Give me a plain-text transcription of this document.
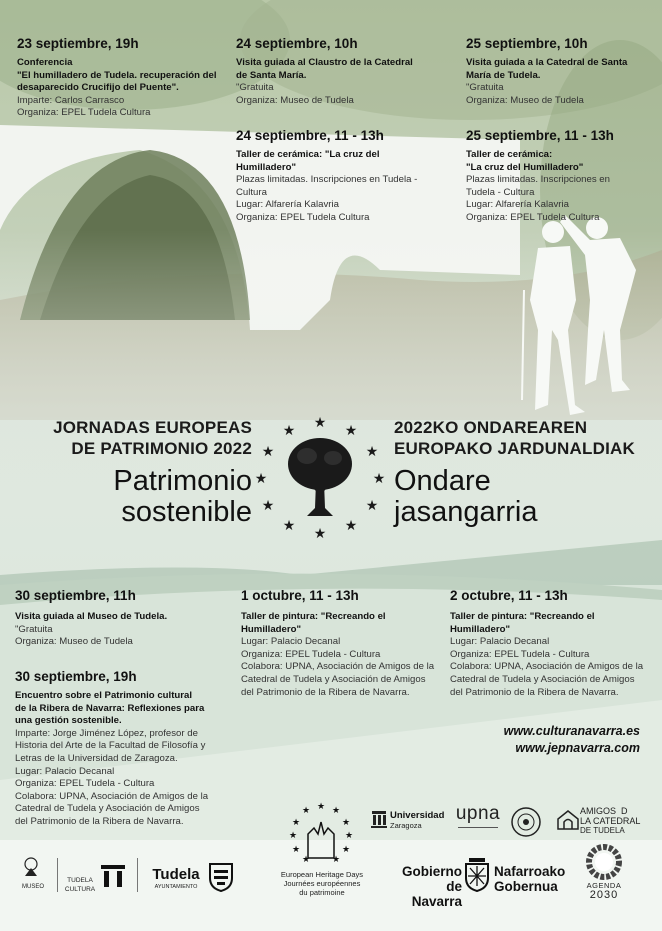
23 septiembre, 19h
Conferencia
"El humilladero de Tudela. recuperación del
desaparecido Crucifijo del Puente".
Imparte: Carlos Carrasco
Organiza: EPEL Tudela Cultura
24 septiembre, 10h
Visita guiada al Claustro de la Catedral
de Santa María.
"Gratuita
Organiza: Museo de Tudela
25 septiembre, 10h
Visita guiada a la Catedral de Santa
María de Tudela.
"Gratuita
Organiza: Museo de Tudela
24 septiembre, 11 - 13h
Taller de cerámica: "La cruz del
Humilladero"
Plazas limitadas. Inscripciones en Tudela -
Cultura
Lugar: Alfarería Kalavria
Organiza: EPEL Tudela Cultura
25 septiembre, 11 - 13h
Taller de cerámica:
"La cruz del Humilladero"
Plazas limitadas. Inscripciones en
Tudela - Cultura
Lugar: Alfarería Kalavria
Organiza: EPEL Tudela Cultura
JORNADAS EUROPEAS
DE PATRIMONIO 2022
Patrimonio
sostenible
★ ★
★
★
★
★
★
★
★
★
★
★	2022KO ONDAREAREN
EUROPAKO JARDUNALDIAK
Ondare
jasangarria
30 septiembre, 11h
Visita guiada al Museo de Tudela.
"Gratuita
Organiza: Museo de Tudela
1 octubre, 11 - 13h
Taller de pintura: "Recreando el
Humilladero"
Lugar: Palacio Decanal
Organiza: EPEL Tudela - Cultura
Colabora: UPNA, Asociación de Amigos de la
Catedral de Tudela y Asociación de Amigos
del Patrimonio de la Ribera de Navarra.
2 octubre, 11 - 13h
Taller de pintura: "Recreando el
Humilladero"
Lugar: Palacio Decanal
Organiza: EPEL Tudela - Cultura
Colabora: UPNA, Asociación de Amigos de la
Catedral de Tudela y Asociación de Amigos
del Patrimonio de la Ribera de Navarra.
30 septiembre, 19h
Encuentro sobre el Patrimonio cultural
de la Ribera de Navarra: Reflexiones para
una gestión sostenible.
Imparte: Jorge Jiménez López, profesor de
Historia del Arte de la Facultad de Filosofía y
Letras de la Universidad de Zaragoza.
Lugar: Palacio Decanal
Organiza: EPEL Tudela - Cultura
Colabora: UPNA, Asociación de Amigos de la
Catedral de Tudela y Asociación de Amigos
del Patrimonio de la Ribera de Navarra.
www.culturanavarra.es
www.jepnavarra.com
MUSEO
TUDELA
CULTURA
Tudela
AYUNTAMIENTO
★ ★
★
★
★
★
★
★
★
★
★
European Heritage Days
Journées européennes
du patrimoine
Universidad
Zaragoza
upna	AMIGOS D
LA CATEDRAL
DE TUDELA
Gobierno
de Navarra
Nafarroako
Gobernua	AGENDA
2030
